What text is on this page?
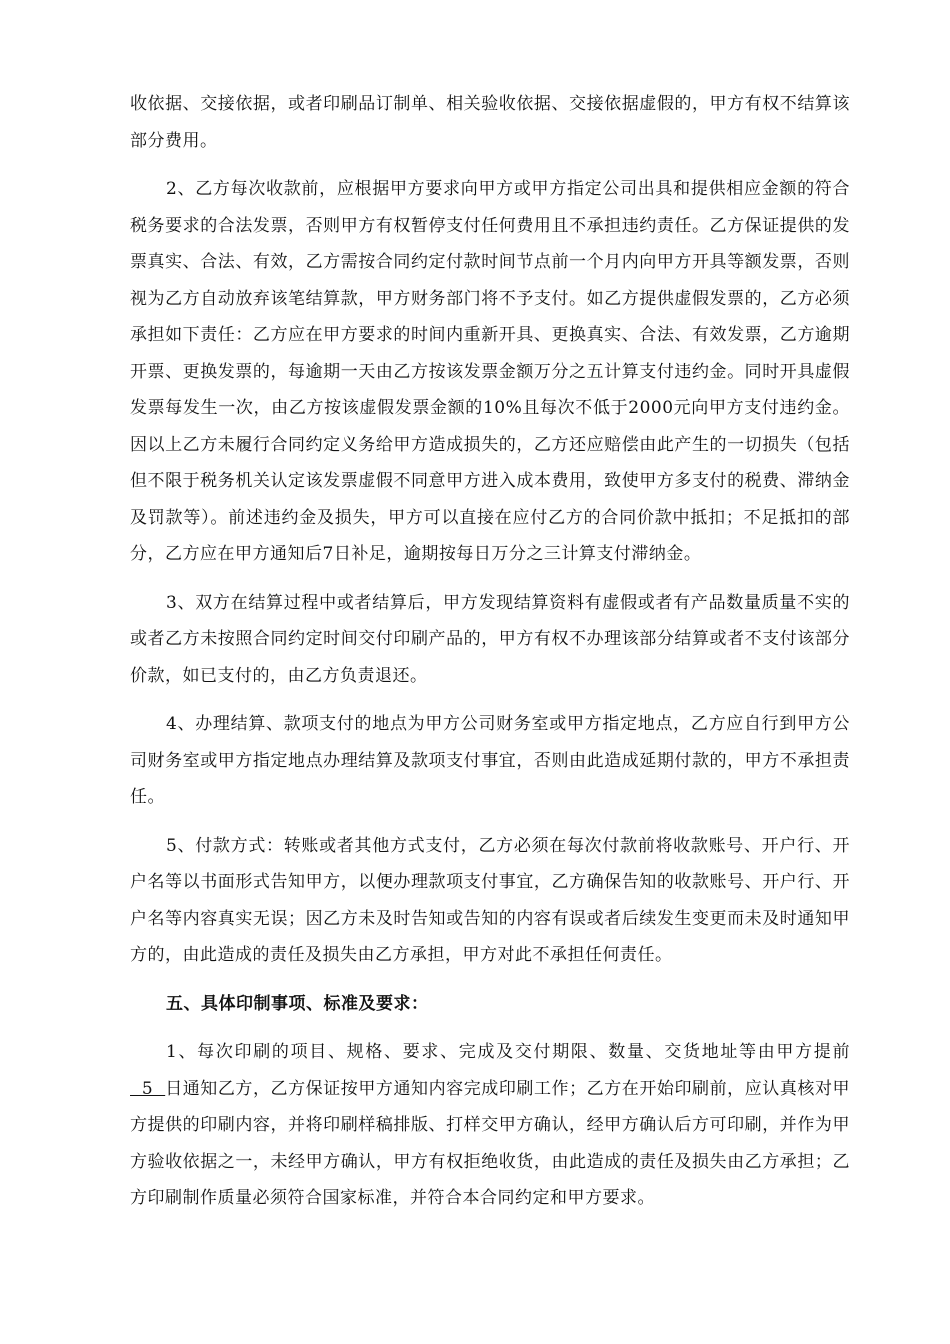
收依据、交接依据，或者印刷品订制单、相关验收依据、交接依据虚假的，甲方有权不结算该部分费用。

2、乙方每次收款前，应根据甲方要求向甲方或甲方指定公司出具和提供相应金额的符合税务要求的合法发票，否则甲方有权暂停支付任何费用且不承担违约责任。乙方保证提供的发票真实、合法、有效，乙方需按合同约定付款时间节点前一个月内向甲方开具等额发票，否则视为乙方自动放弃该笔结算款，甲方财务部门将不予支付。如乙方提供虚假发票的，乙方必须承担如下责任：乙方应在甲方要求的时间内重新开具、更换真实、合法、有效发票，乙方逾期开票、更换发票的，每逾期一天由乙方按该发票金额万分之五计算支付违约金。同时开具虚假发票每发生一次，由乙方按该虚假发票金额的10%且每次不低于2000元向甲方支付违约金。因以上乙方未履行合同约定义务给甲方造成损失的，乙方还应赔偿由此产生的一切损失（包括但不限于税务机关认定该发票虚假不同意甲方进入成本费用，致使甲方多支付的税费、滞纳金及罚款等）。前述违约金及损失，甲方可以直接在应付乙方的合同价款中抵扣；不足抵扣的部分，乙方应在甲方通知后7日补足，逾期按每日万分之三计算支付滞纳金。

3、双方在结算过程中或者结算后，甲方发现结算资料有虚假或者有产品数量质量不实的或者乙方未按照合同约定时间交付印刷产品的，甲方有权不办理该部分结算或者不支付该部分价款，如已支付的，由乙方负责退还。

4、办理结算、款项支付的地点为甲方公司财务室或甲方指定地点，乙方应自行到甲方公司财务室或甲方指定地点办理结算及款项支付事宜，否则由此造成延期付款的，甲方不承担责任。

5、付款方式：转账或者其他方式支付，乙方必须在每次付款前将收款账号、开户行、开户名等以书面形式告知甲方，以便办理款项支付事宜，乙方确保告知的收款账号、开户行、开户名等内容真实无误；因乙方未及时告知或告知的内容有误或者后续发生变更而未及时通知甲方的，由此造成的责任及损失由乙方承担，甲方对此不承担任何责任。

五、具体印制事项、标准及要求：

1、每次印刷的项目、规格、要求、完成及交付期限、数量、交货地址等由甲方提前  5  日通知乙方，乙方保证按甲方通知内容完成印刷工作；乙方在开始印刷前，应认真核对甲方提供的印刷内容，并将印刷样稿排版、打样交甲方确认，经甲方确认后方可印刷，并作为甲方验收依据之一，未经甲方确认，甲方有权拒绝收货，由此造成的责任及损失由乙方承担；乙方印刷制作质量必须符合国家标准，并符合本合同约定和甲方要求。
